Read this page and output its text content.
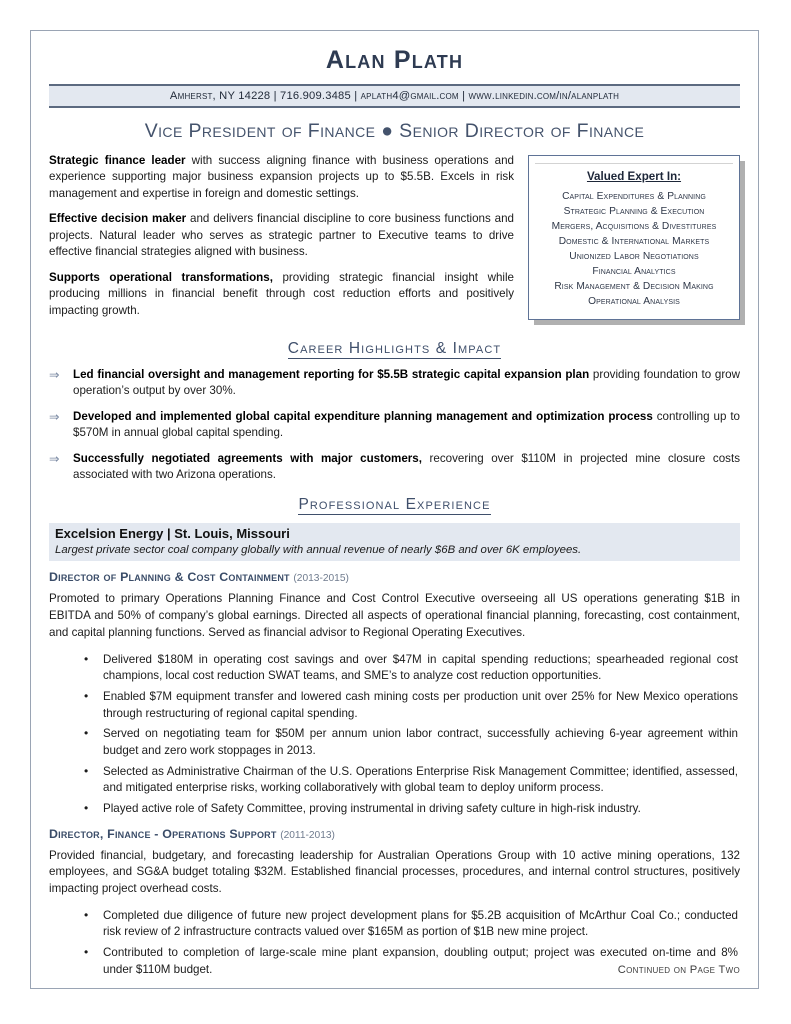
Alan Plath
Amherst, NY 14228 | 716.909.3485 | aplath4@gmail.com | www.linkedin.com/in/alanplath
Vice President of Finance ● Senior Director of Finance

Strategic finance leader with success aligning finance with business operations and experience supporting major business expansion projects up to $5.5B. Excels in risk management and expertise in foreign and domestic settings.

Effective decision maker and delivers financial discipline to core business functions and projects. Natural leader who serves as strategic partner to Executive teams to drive effective financial strategies aligned with business.

Supports operational transformations, providing strategic financial insight while producing millions in financial benefit through cost reduction efforts and positively impacting growth.

Valued Expert In:
Capital Expenditures & Planning
Strategic Planning & Execution
Mergers, Acquisitions & Divestitures
Domestic & International Markets
Unionized Labor Negotiations
Financial Analytics
Risk Management & Decision Making
Operational Analysis
Career Highlights & Impact
⇒	Led financial oversight and management reporting for $5.5B strategic capital expansion plan providing foundation to grow operation’s output by over 30%.
⇒	Developed and implemented global capital expenditure planning management and optimization process controlling up to $570M in annual global capital spending.
⇒	Successfully negotiated agreements with major customers, recovering over $110M in projected mine closure costs associated with two Arizona operations.
Professional Experience
Excelsion Energy | St. Louis, Missouri
Largest private sector coal company globally with annual revenue of nearly $6B and over 6K employees.
Director of Planning & Cost Containment (2013-2015)
Promoted to primary Operations Planning Finance and Cost Control Executive overseeing all US operations generating $1B in EBITDA and 50% of company’s global earnings. Directed all aspects of operational financial planning, forecasting, cost containment, and capital planning functions. Served as financial advisor to Regional Operating Executives.
• Delivered $180M in operating cost savings and over $47M in capital spending reductions; spearheaded regional cost champions, local cost reduction SWAT teams, and SME’s to analyze cost reduction opportunities.
• Enabled $7M equipment transfer and lowered cash mining costs per production unit over 25% for New Mexico operations through restructuring of regional capital spending.
• Served on negotiating team for $50M per annum union labor contract, successfully achieving 6-year agreement within budget and zero work stoppages in 2013.
• Selected as Administrative Chairman of the U.S. Operations Enterprise Risk Management Committee; identified, assessed, and mitigated enterprise risks, working collaboratively with global team to deploy uniform process.
• Played active role of Safety Committee, proving instrumental in driving safety culture in high-risk industry.
Director, Finance - Operations Support (2011-2013)
Provided financial, budgetary, and forecasting leadership for Australian Operations Group with 10 active mining operations, 132 employees, and SG&A budget totaling $32M. Established financial processes, procedures, and internal control structures, positively impacting project overhead costs.
• Completed due diligence of future new project development plans for $5.2B acquisition of McArthur Coal Co.; conducted risk review of 2 infrastructure contracts valued over $165M as portion of $1B new mine project.
• Contributed to completion of large-scale mine plant expansion, doubling output; project was executed on-time and 8% under $110M budget.	Continued on Page Two
